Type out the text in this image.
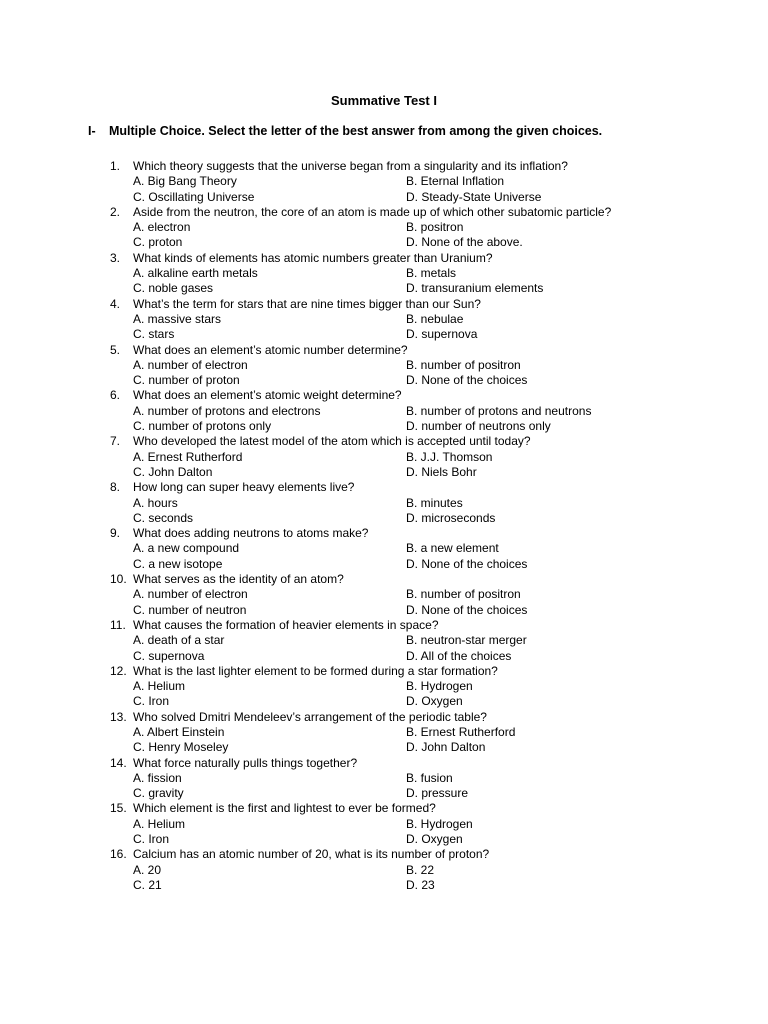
Summative Test I
I- Multiple Choice. Select the letter of the best answer from among the given choices.
1.	Which theory suggests that the universe began from a singularity and its inflation?
A. Big Bang Theory	B. Eternal Inflation
C. Oscillating Universe	D. Steady-State Universe
2.	Aside from the neutron, the core of an atom is made up of which other subatomic particle?
A. electron	B. positron
C. proton	D. None of the above.
3.	What kinds of elements has atomic numbers greater than Uranium?
A. alkaline earth metals	B. metals
C. noble gases	D. transuranium elements
4.	What’s the term for stars that are nine times bigger than our Sun?
A. massive stars	B. nebulae
C. stars	D. supernova
5.	What does an element’s atomic number determine?
A. number of electron	B. number of positron
C. number of proton	D. None of the choices
6.	What does an element’s atomic weight determine?
A. number of protons and electrons	B. number of protons and neutrons
C. number of protons only	D. number of neutrons only
7.	Who developed the latest model of the atom which is accepted until today?
A. Ernest Rutherford	B. J.J. Thomson
C. John Dalton	D. Niels Bohr
8.	How long can super heavy elements live?
A. hours	B. minutes
C. seconds	D. microseconds
9.	What does adding neutrons to atoms make?
A. a new compound	B. a new element
C. a new isotope	D. None of the choices
10. What serves as the identity of an atom?
A. number of electron	B. number of positron
C. number of neutron	D. None of the choices
11. What causes the formation of heavier elements in space?
A. death of a star	B. neutron-star merger
C. supernova	D. All of the choices
12. What is the last lighter element to be formed during a star formation?
A. Helium	B. Hydrogen
C. Iron	D. Oxygen
13. Who solved Dmitri Mendeleev’s arrangement of the periodic table?
A. Albert Einstein	B. Ernest Rutherford
C. Henry Moseley	D. John Dalton
14. What force naturally pulls things together?
A. fission	B. fusion
C. gravity	D. pressure
15. Which element is the first and lightest to ever be formed?
A. Helium	B. Hydrogen
C. Iron	D. Oxygen
16. Calcium has an atomic number of 20, what is its number of proton?
A. 20	B. 22
C. 21	D. 23
